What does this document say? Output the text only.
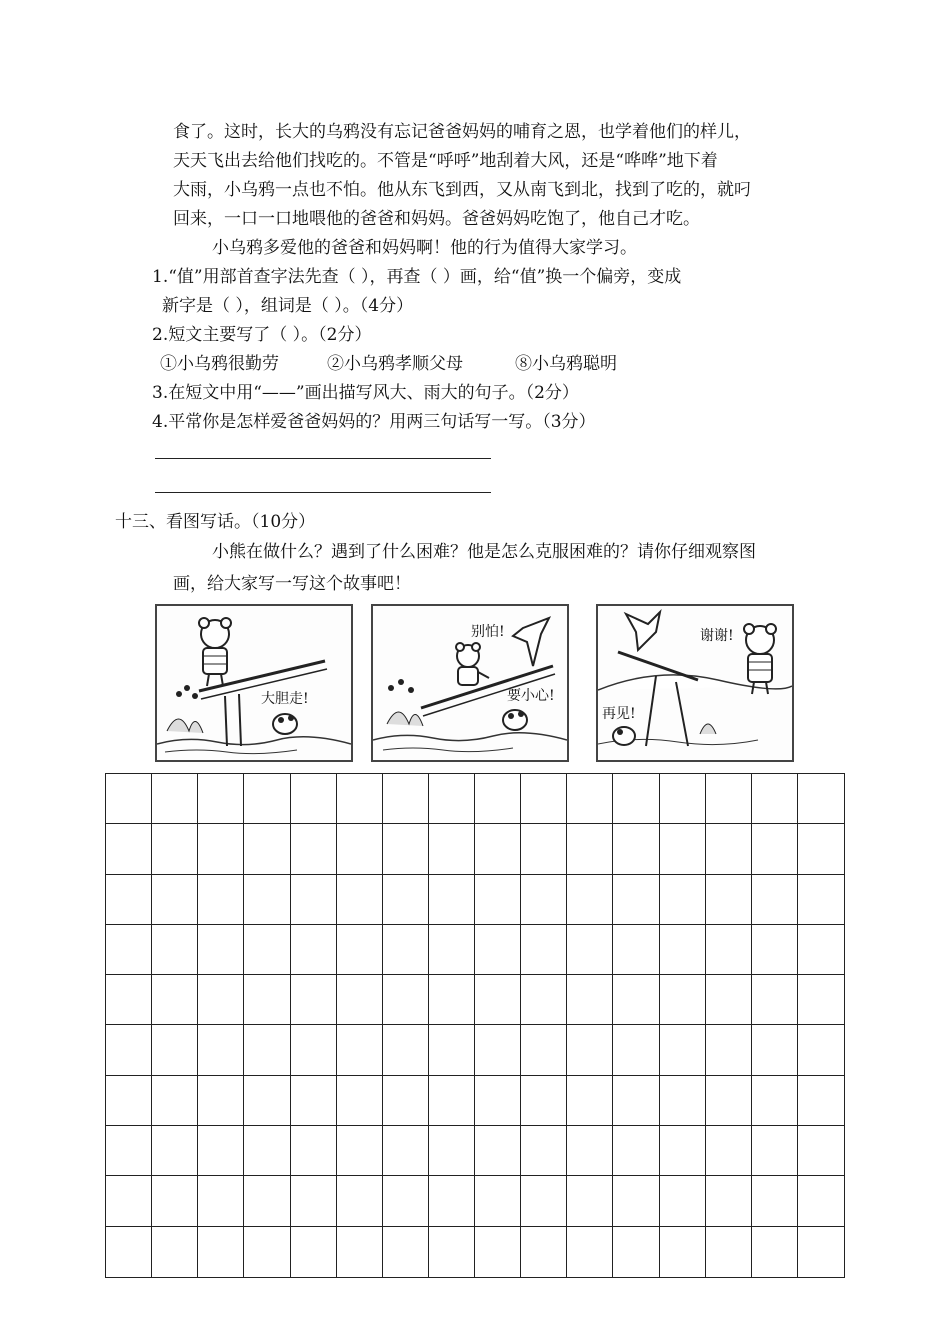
食了。这时，长大的乌鸦没有忘记爸爸妈妈的哺育之恩，也学着他们的样儿，
天天飞出去给他们找吃的。不管是“呼呼”地刮着大风，还是“哗哗”地下着
大雨，小乌鸦一点也不怕。他从东飞到西，又从南飞到北，找到了吃的，就叼
回来，一口一口地喂他的爸爸和妈妈。爸爸妈妈吃饱了，他自己才吃。
小乌鸦多爱他的爸爸和妈妈啊！他的行为值得大家学习。
1.“值”用部首查字法先查（ ），再查（ ）画，给“值”换一个偏旁，变成
新字是（ ），组词是（ ）。（4分）
2.短文主要写了（ ）。（2分）
①小乌鸦很勤劳	②小乌鸦孝顺父母	⑧小乌鸦聪明
3.在短文中用“——”画出描写风大、雨大的句子。（2分）
4.平常你是怎样爱爸爸妈妈的？用两三句话写一写。（3分）
十三、看图写话。（10分）
小熊在做什么？遇到了什么困难？他是怎么克服困难的？请你仔细观察图
画，给大家写一写这个故事吧！
大胆走!
别怕!
要小心!
谢谢!
再见!
